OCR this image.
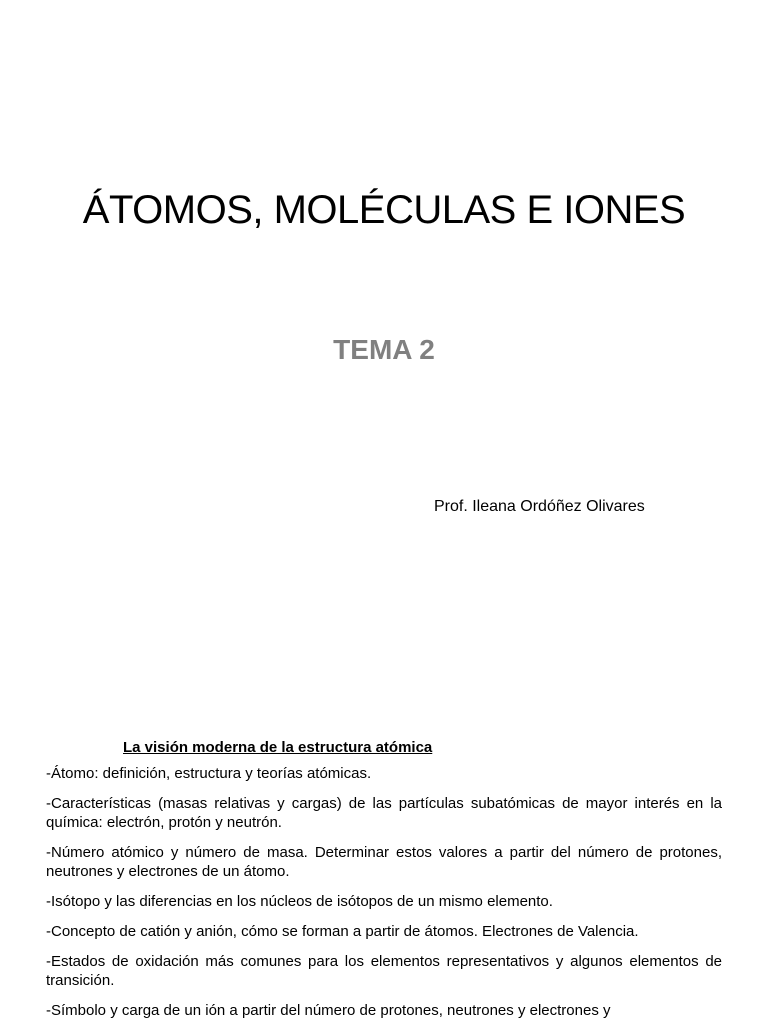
ÁTOMOS, MOLÉCULAS E IONES
TEMA 2
Prof. Ileana Ordóñez Olivares
La visión moderna de la estructura atómica
-Átomo: definición, estructura y teorías atómicas.
-Características (masas relativas y cargas) de las partículas subatómicas de mayor interés en la química: electrón, protón y neutrón.
-Número atómico y número de masa. Determinar estos valores a partir del número de protones, neutrones y electrones de un átomo.
-Isótopo y las diferencias en los núcleos de isótopos de un mismo elemento.
-Concepto de catión y anión, cómo se forman a partir de átomos. Electrones de Valencia.
-Estados de oxidación más comunes para los elementos representativos y algunos elementos de transición.
-Símbolo y carga de un ión a partir del número de protones, neutrones y electrones y
